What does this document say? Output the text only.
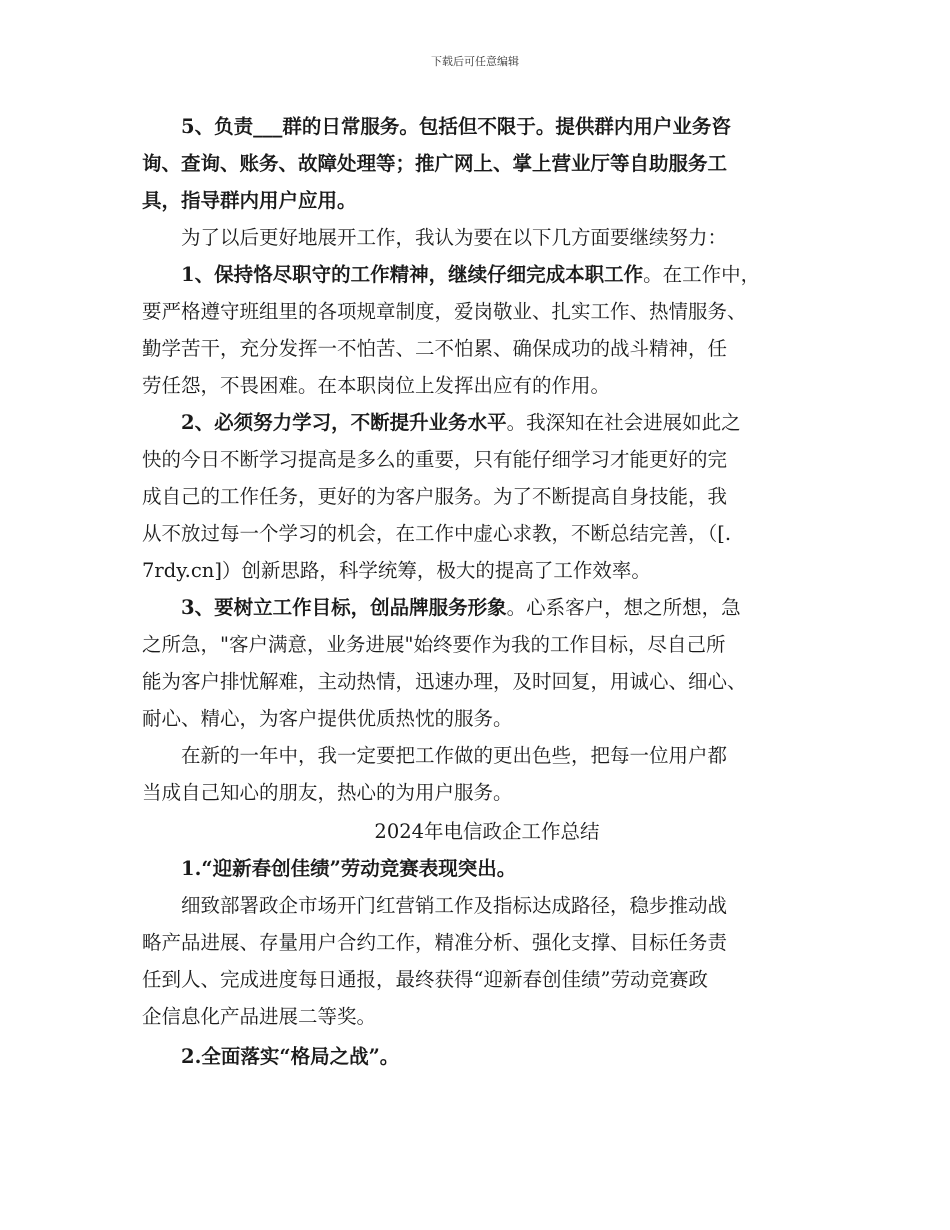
下载后可任意编辑
　　5、负责___群的日常服务。包括但不限于。提供群内用户业务咨
询、查询、账务、故障处理等；推广网上、掌上营业厅等自助服务工
具，指导群内用户应用。
　　为了以后更好地展开工作，我认为要在以下几方面要继续努力：
　　1、保持恪尽职守的工作精神，继续仔细完成本职工作。在工作中，
要严格遵守班组里的各项规章制度，爱岗敬业、扎实工作、热情服务、
勤学苦干，充分发挥一不怕苦、二不怕累、确保成功的战斗精神，任
劳任怨，不畏困难。在本职岗位上发挥出应有的作用。
　　2、必须努力学习，不断提升业务水平。我深知在社会进展如此之
快的今日不断学习提高是多么的重要，只有能仔细学习才能更好的完
成自己的工作任务，更好的为客户服务。为了不断提高自身技能，我
从不放过每一个学习的机会，在工作中虚心求教，不断总结完善，（[.
7rdy.cn]）创新思路，科学统筹，极大的提高了工作效率。
　　3、要树立工作目标，创品牌服务形象。心系客户，想之所想，急
之所急，"客户满意，业务进展"始终要作为我的工作目标，尽自己所
能为客户排忧解难，主动热情，迅速办理，及时回复，用诚心、细心、
耐心、精心，为客户提供优质热忱的服务。
　　在新的一年中，我一定要把工作做的更出色些，把每一位用户都
当成自己知心的朋友，热心的为用户服务。
2024年电信政企工作总结
　　1.“迎新春创佳绩”劳动竞赛表现突出。
　　细致部署政企市场开门红营销工作及指标达成路径，稳步推动战
略产品进展、存量用户合约工作，精准分析、强化支撑、目标任务责
任到人、完成进度每日通报，最终获得“迎新春创佳绩”劳动竞赛政
企信息化产品进展二等奖。
　　2.全面落实“格局之战”。
